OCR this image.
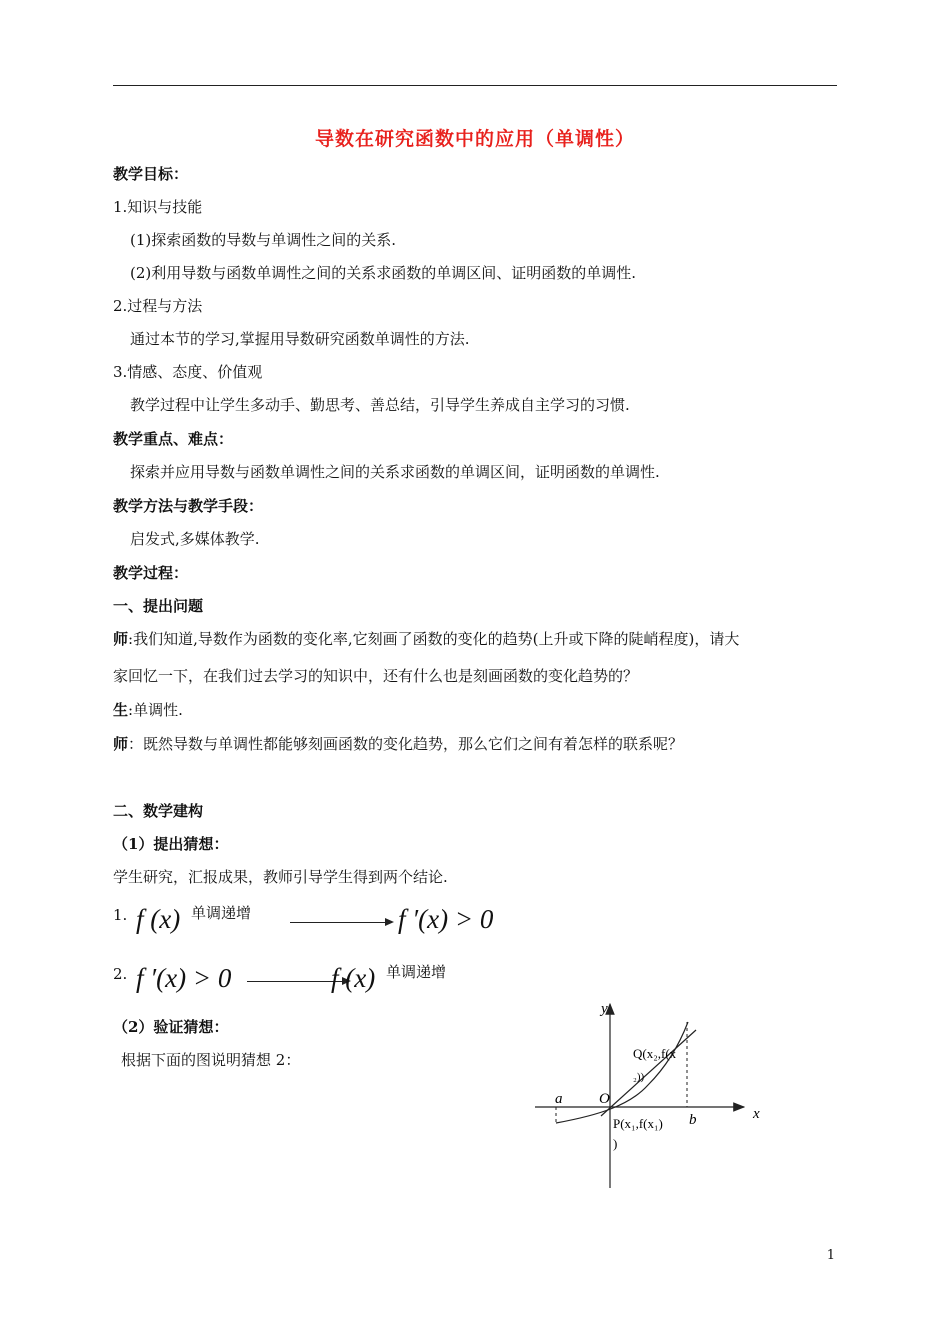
导数在研究函数中的应用（单调性）
教学目标：
1.知识与技能
(1)探索函数的导数与单调性之间的关系.
(2)利用导数与函数单调性之间的关系求函数的单调区间、证明函数的单调性.
2.过程与方法
通过本节的学习,掌握用导数研究函数单调性的方法.
3.情感、态度、价值观
教学过程中让学生多动手、勤思考、善总结，引导学生养成自主学习的习惯.
教学重点、难点：
探索并应用导数与函数单调性之间的关系求函数的单调区间，证明函数的单调性.
教学方法与教学手段：
启发式,多媒体教学.
教学过程：
一、提出问题
师:我们知道,导数作为函数的变化率,它刻画了函数的变化的趋势(上升或下降的陡峭程度)，请大
家回忆一下，在我们过去学习的知识中，还有什么也是刻画函数的变化趋势的？
生:单调性.
师：既然导数与单调性都能够刻画函数的变化趋势，那么它们之间有着怎样的联系呢？
二、数学建构
（1）提出猜想：
学生研究，汇报成果，教师引导学生得到两个结论.
1. f (x) 单调递增	f ′(x) > 0
2. f ′(x) > 0	f (x) 单调递增
（2）验证猜想：
根据下面的图说明猜想 2：
y
x
O
a
b
Q(x₂,f(x
₂))
P(x₁,f(x₁)
)
1
